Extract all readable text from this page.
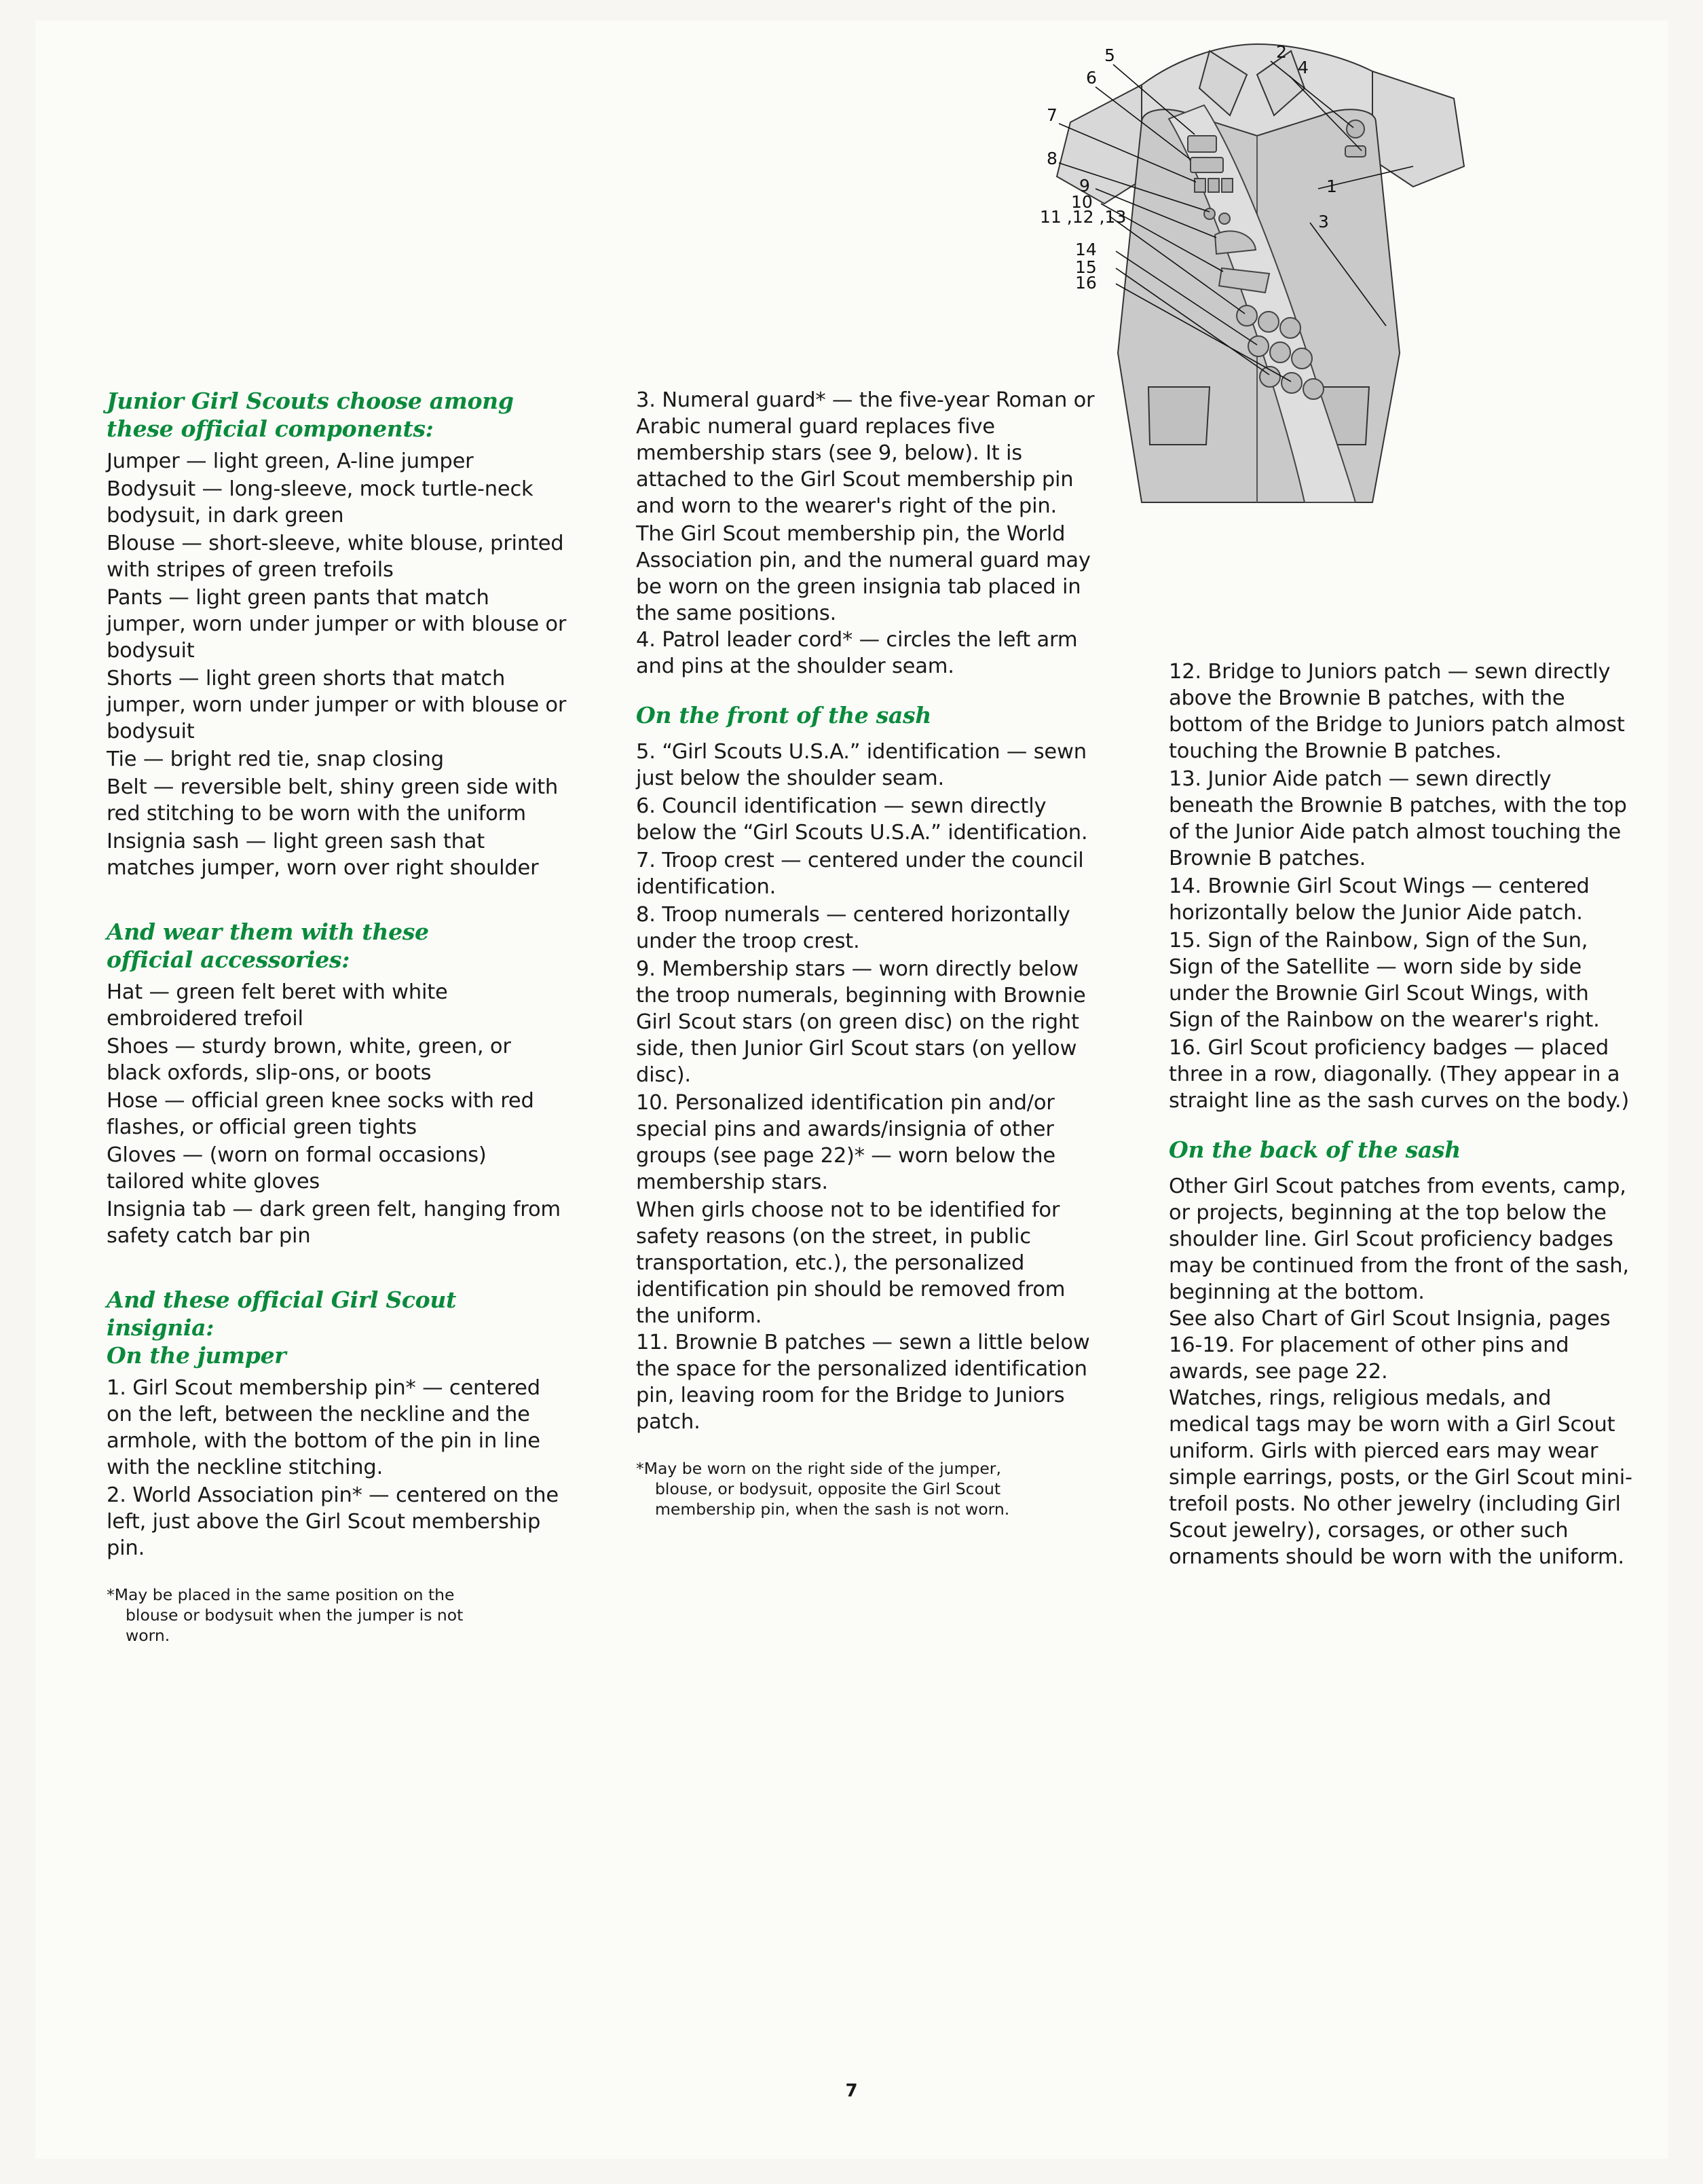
5
6
7
8
9
10
11 ,12 ,13
14
15
16
2
4
1
3
Junior Girl Scouts choose among
these official components:

Jumper — light green, A-line jumper

Bodysuit — long-sleeve, mock turtle-neck bodysuit, in dark green

Blouse — short-sleeve, white blouse, printed with stripes of green trefoils

Pants — light green pants that match jumper, worn under jumper or with blouse or bodysuit

Shorts — light green shorts that match jumper, worn under jumper or with blouse or bodysuit

Tie — bright red tie, snap closing

Belt — reversible belt, shiny green side with red stitching to be worn with the uniform

Insignia sash — light green sash that matches jumper, worn over right shoulder

And wear them with these
official accessories:

Hat — green felt beret with white embroidered trefoil

Shoes — sturdy brown, white, green, or black oxfords, slip-ons, or boots

Hose — official green knee socks with red flashes, or official green tights

Gloves — (worn on formal occasions) tailored white gloves

Insignia tab — dark green felt, hanging from safety catch bar pin

And these official Girl Scout
insignia:
On the jumper

1. Girl Scout membership pin* — centered on the left, between the neckline and the armhole, with the bottom of the pin in line with the neckline stitching.

2. World Association pin* — centered on the left, just above the Girl Scout membership pin.

*May be placed in the same position on the
blouse or bodysuit when the jumper is not
worn.

3. Numeral guard* — the five-year Roman or Arabic numeral guard replaces five membership stars (see 9, below). It is attached to the Girl Scout membership pin and worn to the wearer's right of the pin.

The Girl Scout membership pin, the World Association pin, and the numeral guard may be worn on the green insignia tab placed in the same positions.

4. Patrol leader cord* — circles the left arm and pins at the shoulder seam.

On the front of the sash

5. “Girl Scouts U.S.A.” identification — sewn just below the shoulder seam.

6. Council identification — sewn directly below the “Girl Scouts U.S.A.” identification.

7. Troop crest — centered under the council identification.

8. Troop numerals — centered horizontally under the troop crest.

9. Membership stars — worn directly below the troop numerals, beginning with Brownie Girl Scout stars (on green disc) on the right side, then Junior Girl Scout stars (on yellow disc).

10. Personalized identification pin and/or special pins and awards/insignia of other groups (see page 22)* — worn below the membership stars.

When girls choose not to be identified for safety reasons (on the street, in public transportation, etc.), the personalized identification pin should be removed from the uniform.

11. Brownie B patches — sewn a little below the space for the personalized identification pin, leaving room for the Bridge to Juniors patch.

*May be worn on the right side of the jumper,
blouse, or bodysuit, opposite the Girl Scout
membership pin, when the sash is not worn.

12. Bridge to Juniors patch — sewn directly above the Brownie B patches, with the bottom of the Bridge to Juniors patch almost touching the Brownie B patches.

13. Junior Aide patch — sewn directly beneath the Brownie B patches, with the top of the Junior Aide patch almost touching the Brownie B patches.

14. Brownie Girl Scout Wings — centered horizontally below the Junior Aide patch.

15. Sign of the Rainbow, Sign of the Sun, Sign of the Satellite — worn side by side under the Brownie Girl Scout Wings, with Sign of the Rainbow on the wearer's right.

16. Girl Scout proficiency badges — placed three in a row, diagonally. (They appear in a straight line as the sash curves on the body.)

On the back of the sash

Other Girl Scout patches from events, camp, or projects, beginning at the top below the shoulder line. Girl Scout proficiency badges may be continued from the front of the sash, beginning at the bottom.

See also Chart of Girl Scout Insignia, pages 16-19. For placement of other pins and awards, see page 22.

Watches, rings, religious medals, and medical tags may be worn with a Girl Scout uniform. Girls with pierced ears may wear simple earrings, posts, or the Girl Scout mini-trefoil posts. No other jewelry (including Girl Scout jewelry), corsages, or other such ornaments should be worn with the uniform.

7
